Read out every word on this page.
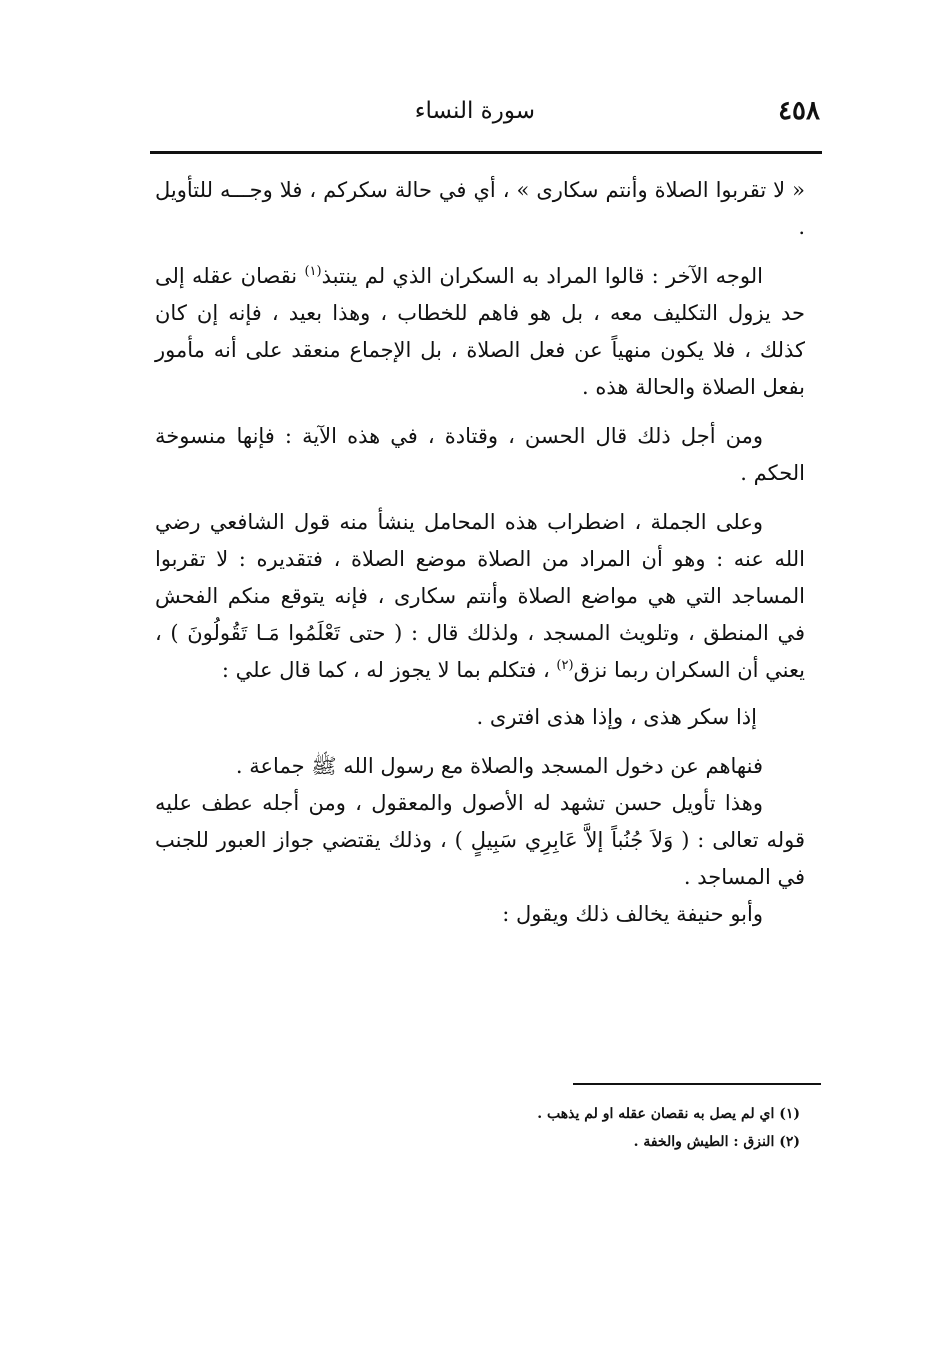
٤٥٨
سورة النساء

« لا تقربوا الصلاة وأنتم سكارى » ، أي في حالة سكركم ، فلا وجـــه للتأويل .

الوجه الآخر : قالوا المراد به السكران الذي لم ينتبذ$^{(١)}$ نقصان عقله إلى حد يزول التكليف معه ، بل هو فاهم للخطاب ، وهذا بعيد ، فإنه إن كان كذلك ، فلا يكون منهياً عن فعل الصلاة ، بل الإجماع منعقد على أنه مأمور بفعل الصلاة والحالة هذه .

ومن أجل ذلك قال الحسن ، وقتادة ، في هذه الآية : فإنها منسوخة الحكم .

وعلى الجملة ، اضطراب هذه المحامل ينشأ منه قول الشافعي رضي الله عنه : وهو أن المراد من الصلاة موضع الصلاة ، فتقديره : لا تقربوا المساجد التي هي مواضع الصلاة وأنتم سكارى ، فإنه يتوقع منكم الفحش في المنطق ، وتلويث المسجد ، ولذلك قال : ( حتى تَعْلَمُوا مَـا تَقُولُونَ ) ، يعني أن السكران ربما نزق$^{(٢)}$ ، فتكلم بما لا يجوز له ، كما قال علي :

إذا سكر هذى ، وإذا هذى افترى .

فنهاهم عن دخول المسجد والصلاة مع رسول الله ﷺ جماعة .

وهذا تأويل حسن تشهد له الأصول والمعقول ، ومن أجله عطف عليه قوله تعالى : ( وَلاَ جُنُباً إلاَّ عَابِرِي سَبِيلٍ ) ، وذلك يقتضي جواز العبور للجنب في المساجد .

وأبو حنيفة يخالف ذلك ويقول :

(١) اي لم يصل به نقصان عقله او لم يذهب .

(٢) النزق : الطيش والخفة .
